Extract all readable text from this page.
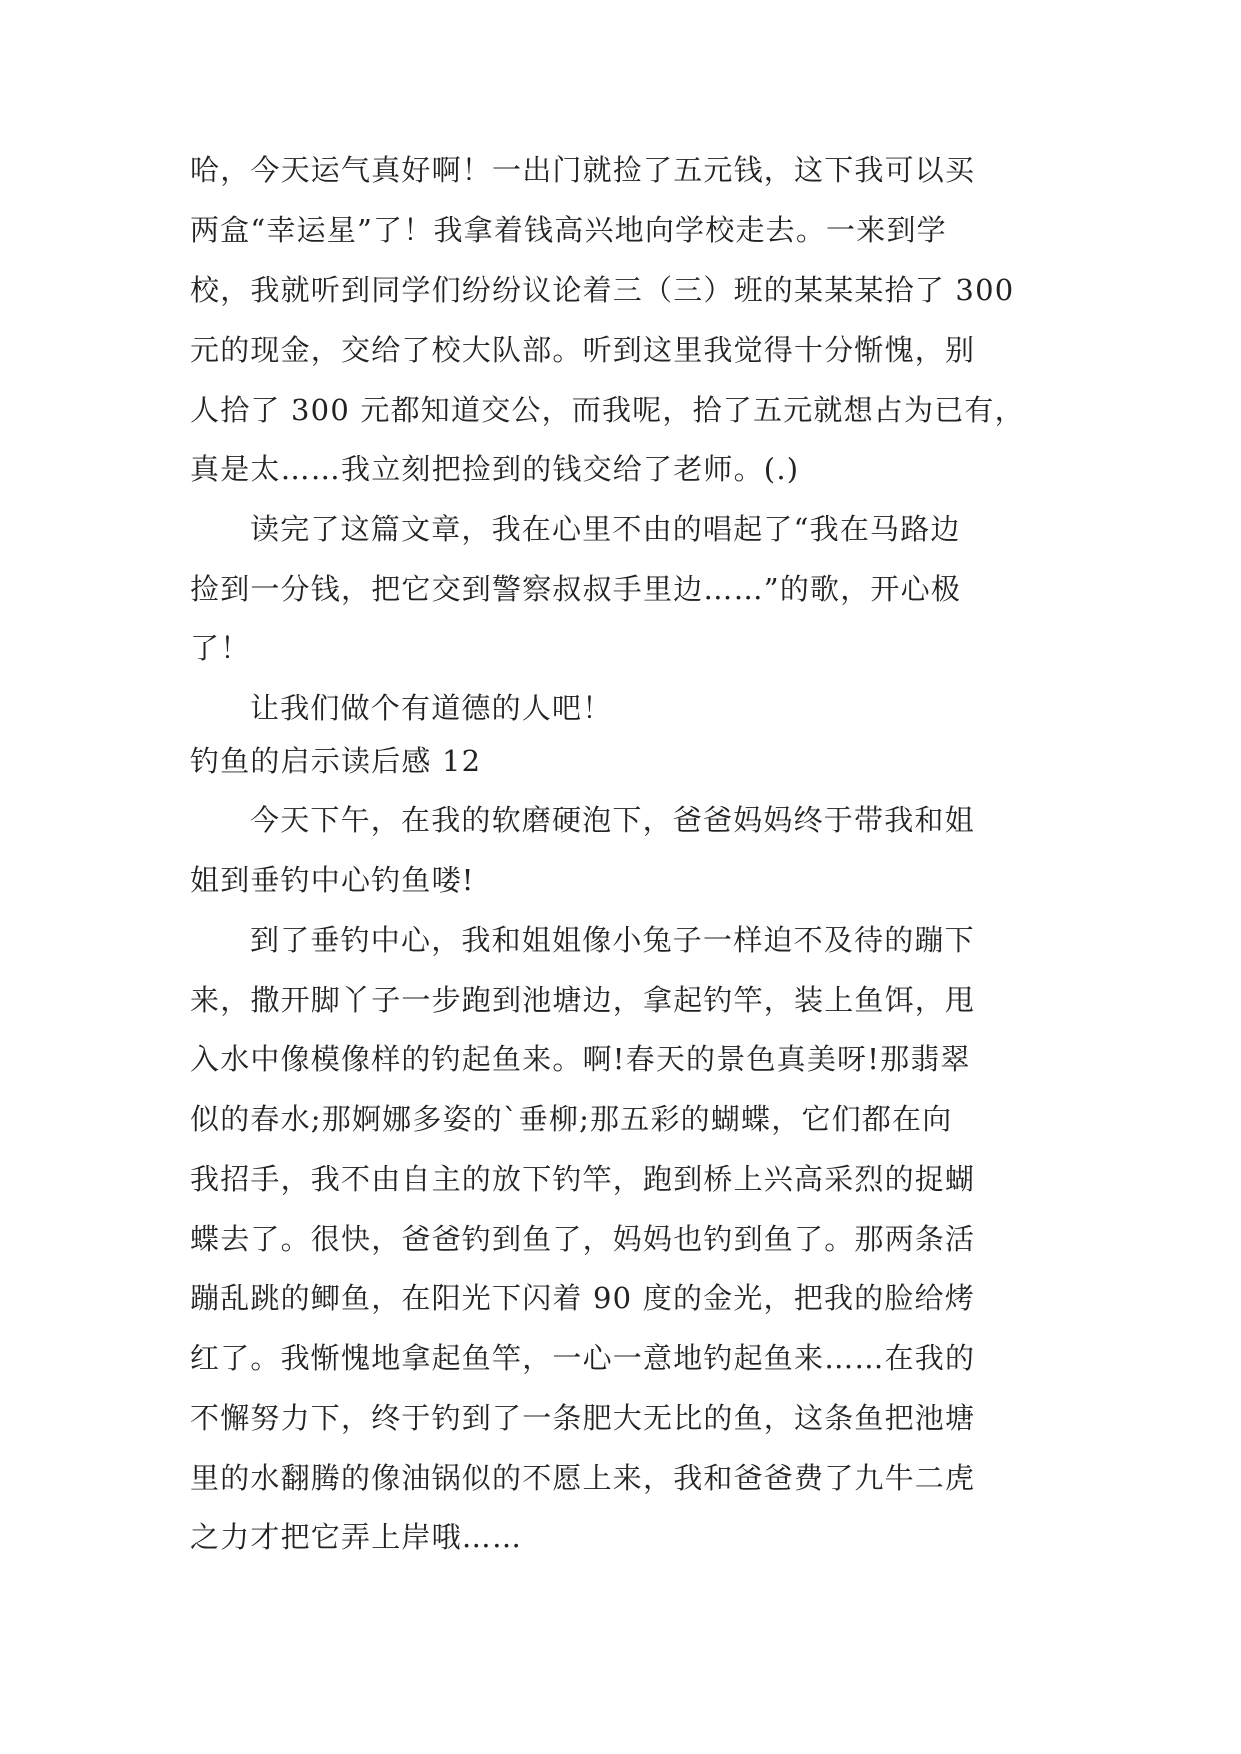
哈，今天运气真好啊！一出门就捡了五元钱，这下我可以买
两盒“幸运星”了！我拿着钱高兴地向学校走去。一来到学
校，我就听到同学们纷纷议论着三（三）班的某某某拾了 300
元的现金，交给了校大队部。听到这里我觉得十分惭愧，别
人拾了 300 元都知道交公，而我呢，拾了五元就想占为已有，
真是太……我立刻把捡到的钱交给了老师。(.)
读完了这篇文章，我在心里不由的唱起了“我在马路边
捡到一分钱，把它交到警察叔叔手里边……”的歌，开心极
了！
让我们做个有道德的人吧！
钓鱼的启示读后感 12
今天下午，在我的软磨硬泡下，爸爸妈妈终于带我和姐
姐到垂钓中心钓鱼喽!
到了垂钓中心，我和姐姐像小兔子一样迫不及待的蹦下
来，撒开脚丫子一步跑到池塘边，拿起钓竿，装上鱼饵，甩
入水中像模像样的钓起鱼来。啊!春天的景色真美呀!那翡翠
似的春水;那婀娜多姿的`垂柳;那五彩的蝴蝶，它们都在向
我招手，我不由自主的放下钓竿，跑到桥上兴高采烈的捉蝴
蝶去了。很快，爸爸钓到鱼了，妈妈也钓到鱼了。那两条活
蹦乱跳的鲫鱼，在阳光下闪着 90 度的金光，把我的脸给烤
红了。我惭愧地拿起鱼竿，一心一意地钓起鱼来……在我的
不懈努力下，终于钓到了一条肥大无比的鱼，这条鱼把池塘
里的水翻腾的像油锅似的不愿上来，我和爸爸费了九牛二虎
之力才把它弄上岸哦……
